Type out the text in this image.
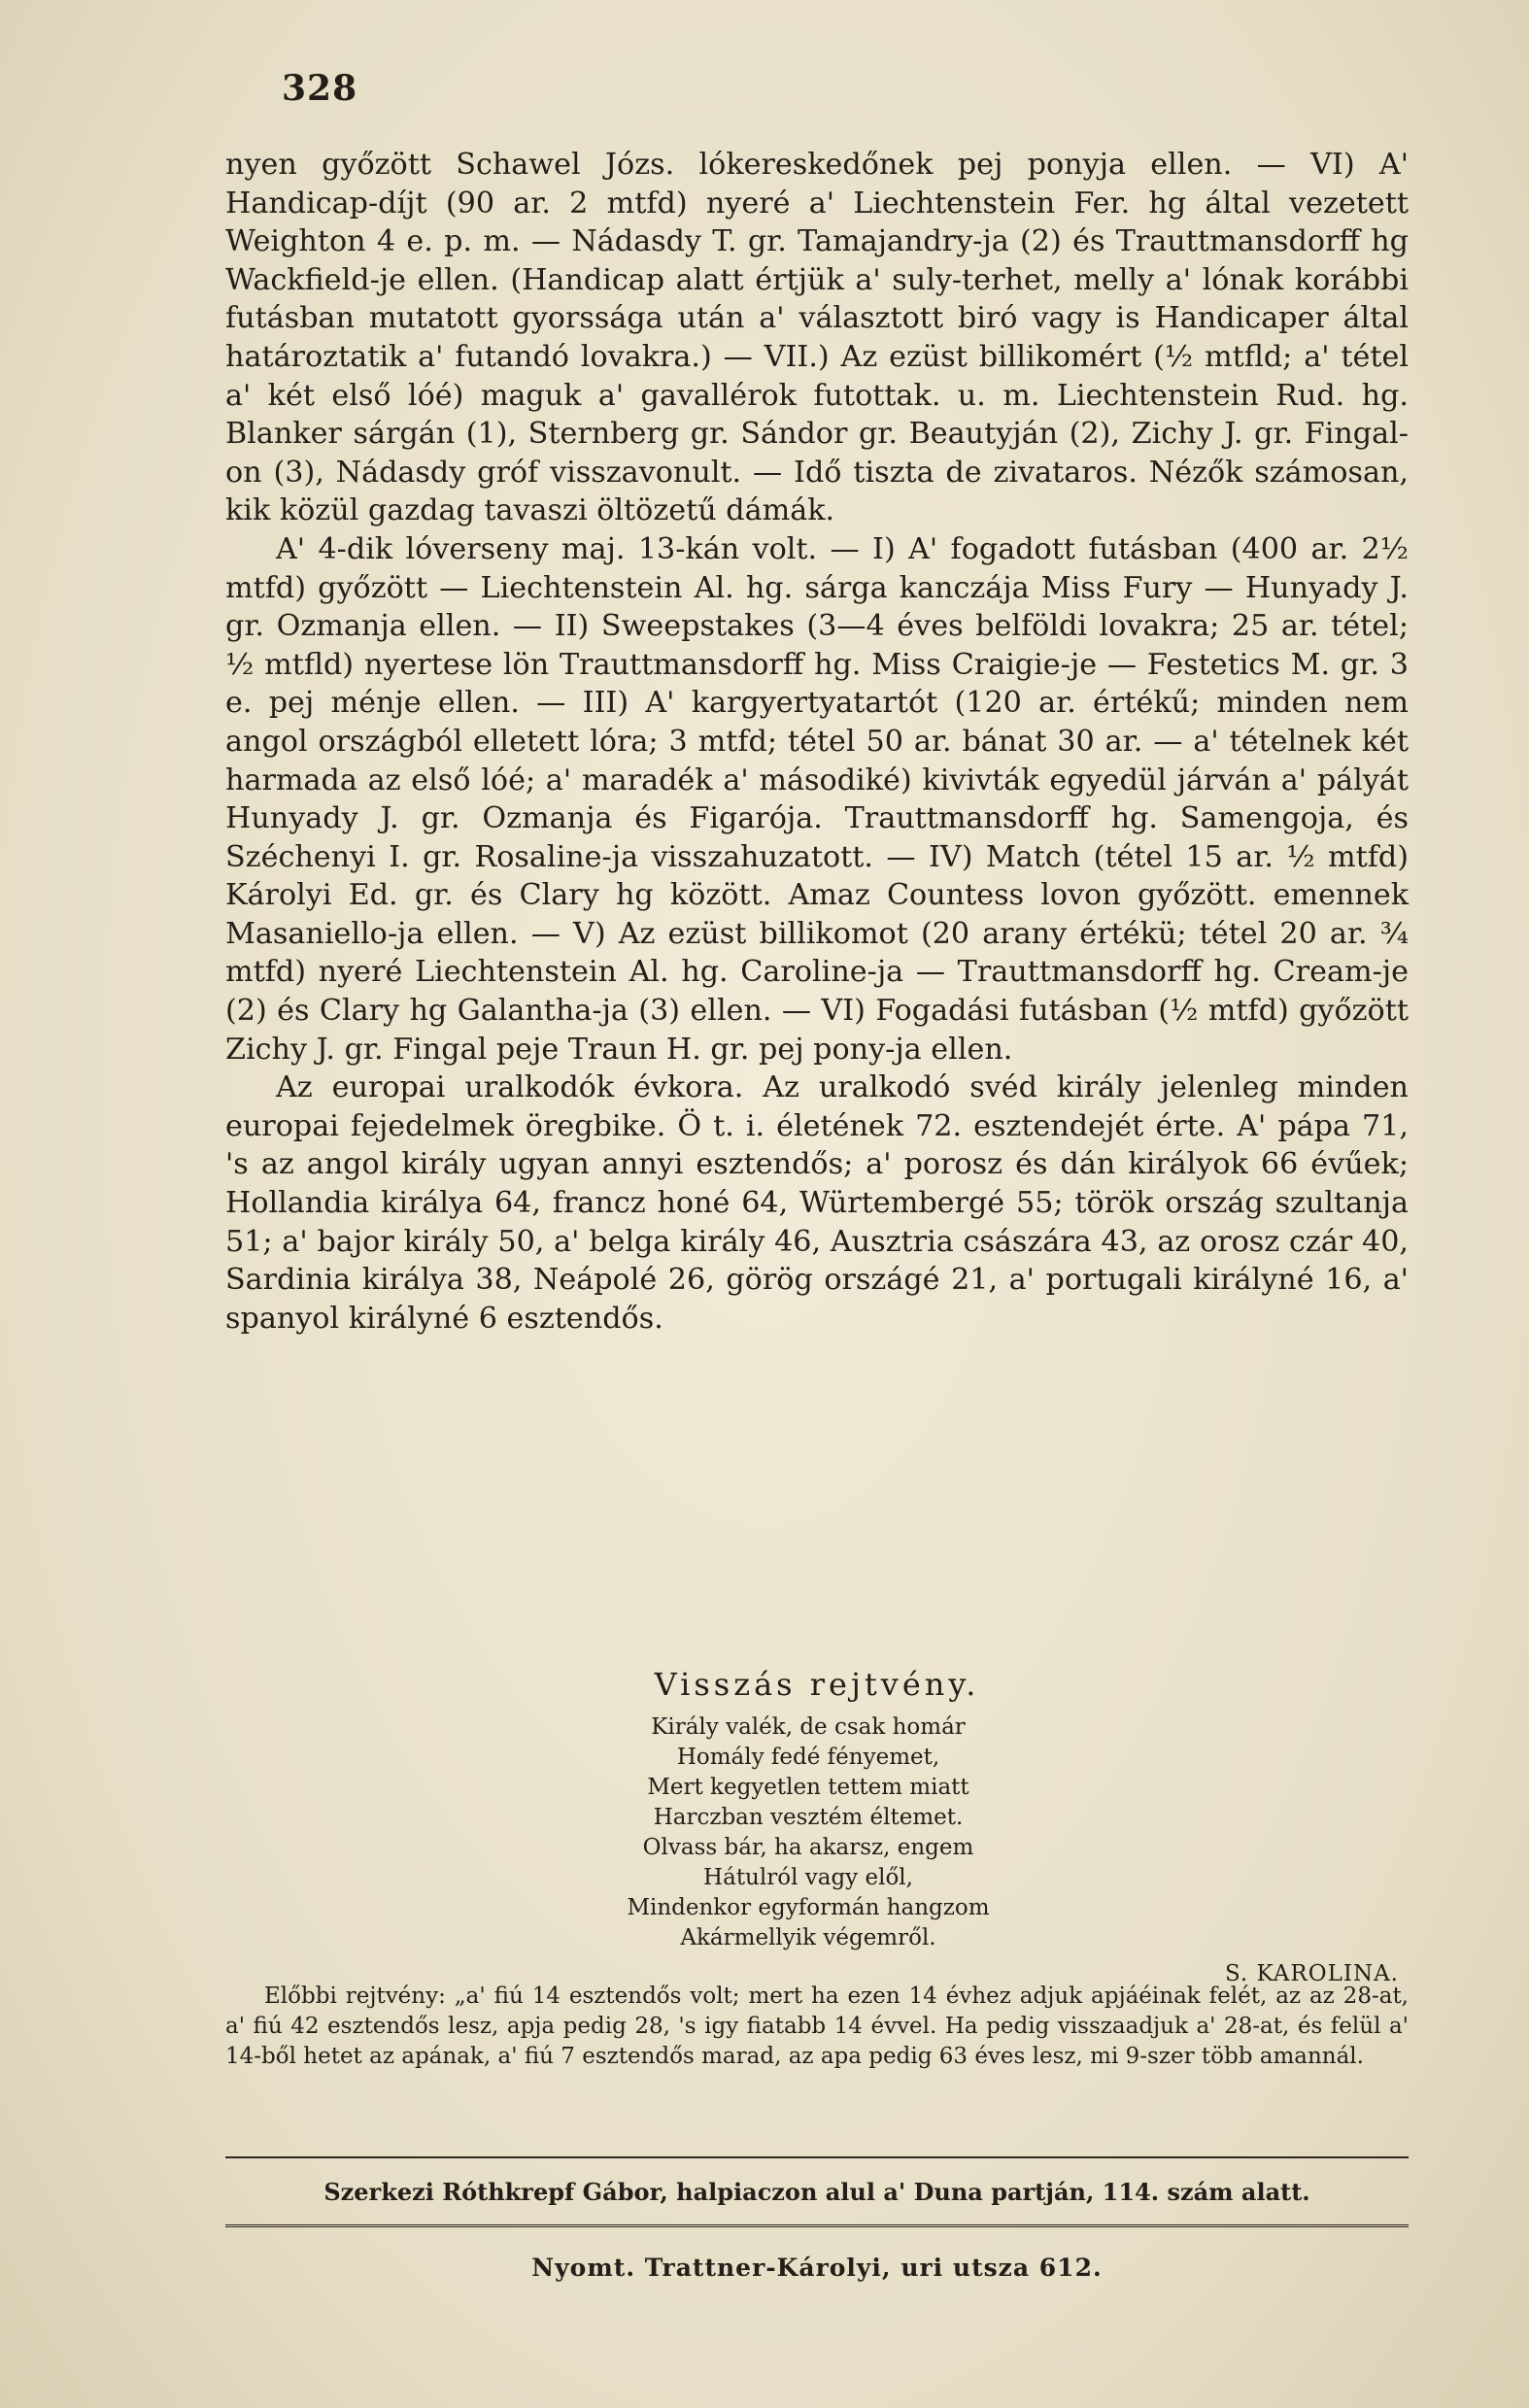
328

nyen győzött Schawel Józs. lókereskedőnek pej ponyja ellen. — VI) A' Handicap-díjt (90 ar. 2 mtfd) nyeré a' Liechtenstein Fer. hg által vezetett Weighton 4 e. p. m. — Nádasdy T. gr. Tamajandry-ja (2) és Trauttmansdorff hg Wackfield-je ellen. (Handicap alatt értjük a' suly-terhet, melly a' lónak korábbi futásban mutatott gyorssága után a' választott biró vagy is Handicaper által határoztatik a' futandó lovakra.) — VII.) Az ezüst billikomért (½ mtfld; a' tétel a' két első lóé) maguk a' gavallérok futottak. u. m. Liechtenstein Rud. hg. Blanker sárgán (1), Sternberg gr. Sándor gr. Beautyján (2), Zichy J. gr. Fingal-on (3), Nádasdy gróf visszavonult. — Idő tiszta de zivataros. Nézők számosan, kik közül gazdag tavaszi öltözetű dámák.

A' 4-dik lóverseny maj. 13-kán volt. — I) A' fogadott futásban (400 ar. 2½ mtfd) győzött — Liechtenstein Al. hg. sárga kanczája Miss Fury — Hunyady J. gr. Ozmanja ellen. — II) Sweepstakes (3—4 éves belföldi lovakra; 25 ar. tétel; ½ mtfld) nyertese lön Trauttmansdorff hg. Miss Craigie-je — Festetics M. gr. 3 e. pej ménje ellen. — III) A' kargyertyatartót (120 ar. értékű; minden nem angol országból elletett lóra; 3 mtfd; tétel 50 ar. bánat 30 ar. — a' tételnek két harmada az első lóé; a' maradék a' másodiké) kivivták egyedül járván a' pályát Hunyady J. gr. Ozmanja és Figarója. Trauttmansdorff hg. Samengoja, és Széchenyi I. gr. Rosaline-ja visszahuzatott. — IV) Match (tétel 15 ar. ½ mtfd) Károlyi Ed. gr. és Clary hg között. Amaz Countess lovon győzött. emennek Masaniello-ja ellen. — V) Az ezüst billikomot (20 arany értékü; tétel 20 ar. ¾ mtfd) nyeré Liechtenstein Al. hg. Caroline-ja — Trauttmansdorff hg. Cream-je (2) és Clary hg Galantha-ja (3) ellen. — VI) Fogadási futásban (½ mtfd) győzött Zichy J. gr. Fingal peje Traun H. gr. pej pony-ja ellen.

Az europai uralkodók évkora. Az uralkodó svéd király jelenleg minden europai fejedelmek öregbike. Ö t. i. életének 72. esztendejét érte. A' pápa 71, 's az angol király ugyan annyi esztendős; a' porosz és dán királyok 66 évűek; Hollandia királya 64, francz honé 64, Würtembergé 55; török ország szultanja 51; a' bajor király 50, a' belga király 46, Ausztria császára 43, az orosz czár 40, Sardinia királya 38, Neápolé 26, görög országé 21, a' portugali királyné 16, a' spanyol királyné 6 esztendős.

Visszás rejtvény.
Király valék, de csak homár
Homály fedé fényemet,
Mert kegyetlen tettem miatt
Harczban vesztém éltemet.
Olvass bár, ha akarsz, engem
Hátulról vagy elől,
Mindenkor egyformán hangzom
Akármellyik végemről.
S. KAROLINA.

Előbbi rejtvény: „a' fiú 14 esztendős volt; mert ha ezen 14 évhez adjuk apjáéinak felét, az az 28-at, a' fiú 42 esztendős lesz, apja pedig 28, 's igy fiatabb 14 évvel. Ha pedig visszaadjuk a' 28-at, és felül a' 14-ből hetet az apának, a' fiú 7 esztendős marad, az apa pedig 63 éves lesz, mi 9-szer több amannál.

Szerkezi Róthkrepf Gábor, halpiaczon alul a' Duna partján, 114. szám alatt.
Nyomt. Trattner-Károlyi, uri utsza 612.
